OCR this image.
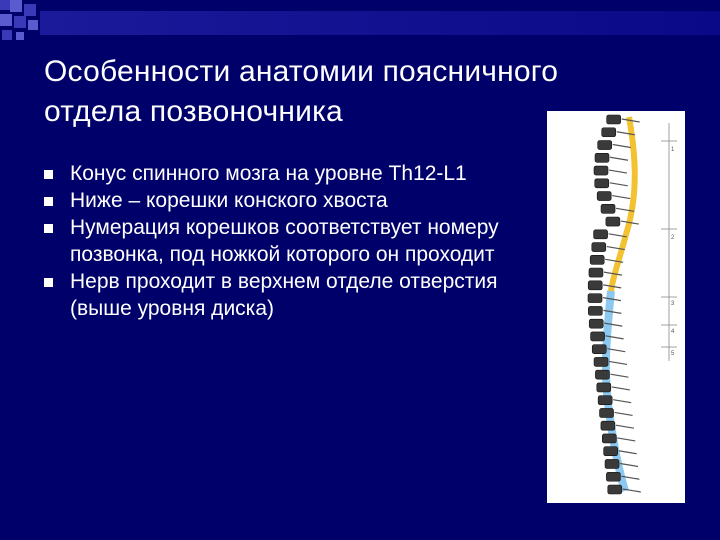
Особенности анатомии поясничного
отдела позвоночника
Конус спинного мозга на уровне Th12-L1
Ниже – корешки конского хвоста
Нумерация корешков соответствует номеру позвонка, под ножкой которого он проходит
Нерв проходит в верхнем отделе отверстия (выше уровня диска)
1
2
3
4
5
